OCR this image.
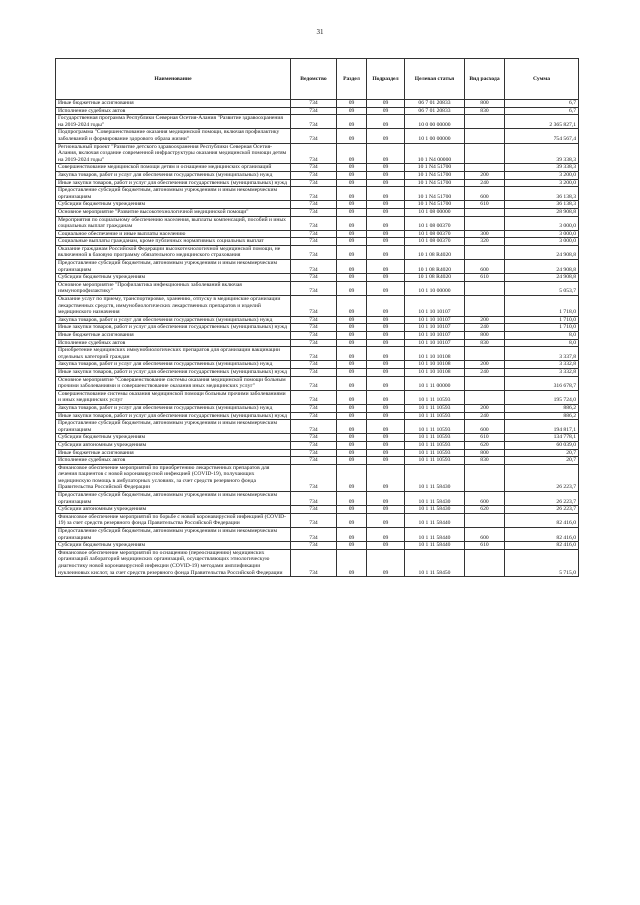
31
Наименование	Ведомство	Раздел	Подраздел	Целевая статья	Вид расхода	Сумма
Иные бюджетные ассигнования	734	09	09	06 7 01 20833	800	6,7
Исполнение судебных актов	734	09	09	06 7 01 20833	830	6,7
Государственная программа Республики Северная Осетия-Алания "Развитие здравоохранения на 2019-2024 годы"	734	09	09	10 0 00 00000		2 365 827,1
Подпрограмма "Совершенствование оказания медицинской помощи, включая профилактику заболеваний и формирование здорового образа жизни"	734	09	09	10 1 00 00000		754 567,4
Региональный проект "Развитие детского здравоохранения Республики Северная Осетия-Алания, включая создание современной инфраструктуры оказания медицинской помощи детям на 2019-2024 годы"	734	09	09	10 1 N4 00000		39 338,3
Совершенствование медицинской помощи детям и оснащение медицинских организаций	734	09	09	10 1 N4 51700		39 338,3
Закупка товаров, работ и услуг для обеспечения государственных (муниципальных) нужд	734	09	09	10 1 N4 51700	200	3 200,0
Иные закупки товаров, работ и услуг для обеспечения государственных (муниципальных) нужд	734	09	09	10 1 N4 51700	240	3 200,0
Предоставление субсидий бюджетным, автономным учреждениям и иным некоммерческим организациям	734	09	09	10 1 N4 51700	600	36 138,3
Субсидии бюджетным учреждениям	734	09	09	10 1 N4 51700	610	36 138,3
Основное мероприятие "Развитие высокотехнологичной медицинской помощи"	734	09	09	10 1 08 00000		28 908,8
Мероприятия по социальному обеспечению населения, выплаты компенсаций, пособий и иных социальных выплат гражданам	734	09	09	10 1 08 00370		3 000,0
Социальное обеспечение и иные выплаты населению	734	09	09	10 1 08 00370	300	3 000,0
Социальные выплаты гражданам, кроме публичных нормативных социальных выплат	734	09	09	10 1 08 00370	320	3 000,0
Оказание гражданам Российской Федерации высокотехнологичной медицинской помощи, не включенной в базовую программу обязательного медицинского страхования	734	09	09	10 1 08 R4020		24 908,8
Предоставление субсидий бюджетным, автономным учреждениям и иным некоммерческим организациям	734	09	09	10 1 08 R4020	600	24 908,8
Субсидии бюджетным учреждениям	734	09	09	10 1 08 R4020	610	24 908,8
Основное мероприятие "Профилактика инфекционных заболеваний включая иммунопрофилактику"	734	09	09	10 1 10 00000		5 053,7
Оказание услуг по приему, транспортировке, хранению, отпуску в медицинские организации лекарственных средств, иммунобиологических лекарственных препаратов и изделий медицинского назначения	734	09	09	10 1 10 10107		1 718,0
Закупка товаров, работ и услуг для обеспечения государственных (муниципальных) нужд	734	09	09	10 1 10 10107	200	1 710,0
Иные закупки товаров, работ и услуг для обеспечения государственных (муниципальных) нужд	734	09	09	10 1 10 10107	240	1 710,0
Иные бюджетные ассигнования	734	09	09	10 1 10 10107	800	8,0
Исполнение судебных актов	734	09	09	10 1 10 10107	830	8,0
Приобретение медицинских иммунобиологических препаратов для организации вакцинации отдельных категорий граждан	734	09	09	10 1 10 10108		3 337,8
Закупка товаров, работ и услуг для обеспечения государственных (муниципальных) нужд	734	09	09	10 1 10 10108	200	3 332,8
Иные закупки товаров, работ и услуг для обеспечения государственных (муниципальных) нужд	734	09	09	10 1 10 10108	240	3 332,8
Основное мероприятие "Совершенствование системы оказания медицинской помощи больным прочими заболеваниями и совершенствование оказания иных медицинских услуг"	734	09	09	10 1 11 00000		316 678,7
Совершенствование системы оказания медицинской помощи больным прочими заболеваниями и иных медицинских услуг	734	09	09	10 1 11 10593		195 724,0
Закупка товаров, работ и услуг для обеспечения государственных (муниципальных) нужд	734	09	09	10 1 11 10593	200	886,2
Иные закупки товаров, работ и услуг для обеспечения государственных (муниципальных) нужд	734	09	09	10 1 11 10593	240	886,2
Предоставление субсидий бюджетным, автономным учреждениям и иным некоммерческим организациям	734	09	09	10 1 11 10593	600	194 817,1
Субсидии бюджетным учреждениям	734	09	09	10 1 11 10593	610	134 778,1
Субсидии автономным учреждениям	734	09	09	10 1 11 10593	620	60 039,0
Иные бюджетные ассигнования	734	09	09	10 1 11 10593	800	20,7
Исполнение судебных актов	734	09	09	10 1 11 10593	830	20,7
Финансовое обеспечение мероприятий по приобретению лекарственных препаратов для лечения пациентов с новой коронавирусной инфекцией (COVID-19), получающих медицинскую помощь в амбулаторных условиях, за счет средств резервного фонда Правительства Российской Федерации	734	09	09	10 1 11 58430		26 223,7
Предоставление субсидий бюджетным, автономным учреждениям и иным некоммерческим организациям	734	09	09	10 1 11 58430	600	26 223,7
Субсидии автономным учреждениям	734	09	09	10 1 11 58430	620	26 223,7
Финансовое обеспечение мероприятий по борьбе с новой коронавирусной инфекцией (COVID-19) за счет средств резервного фонда Правительства Российской Федерации	734	09	09	10 1 11 58440		82 416,0
Предоставление субсидий бюджетным, автономным учреждениям и иным некоммерческим организациям	734	09	09	10 1 11 58440	600	82 416,0
Субсидии бюджетным учреждениям	734	09	09	10 1 11 58440	610	82 416,0
Финансовое обеспечение мероприятий по оснащению (переоснащению) медицинских организаций лабораторий медицинских организаций, осуществляющих этиологическую диагностику новой коронавирусной инфекции (COVID-19) методами амплификации нуклеиновых кислот, за счет средств резервного фонда Правительства Российской Федерации	734	09	09	10 1 11 58450		5 715,0
